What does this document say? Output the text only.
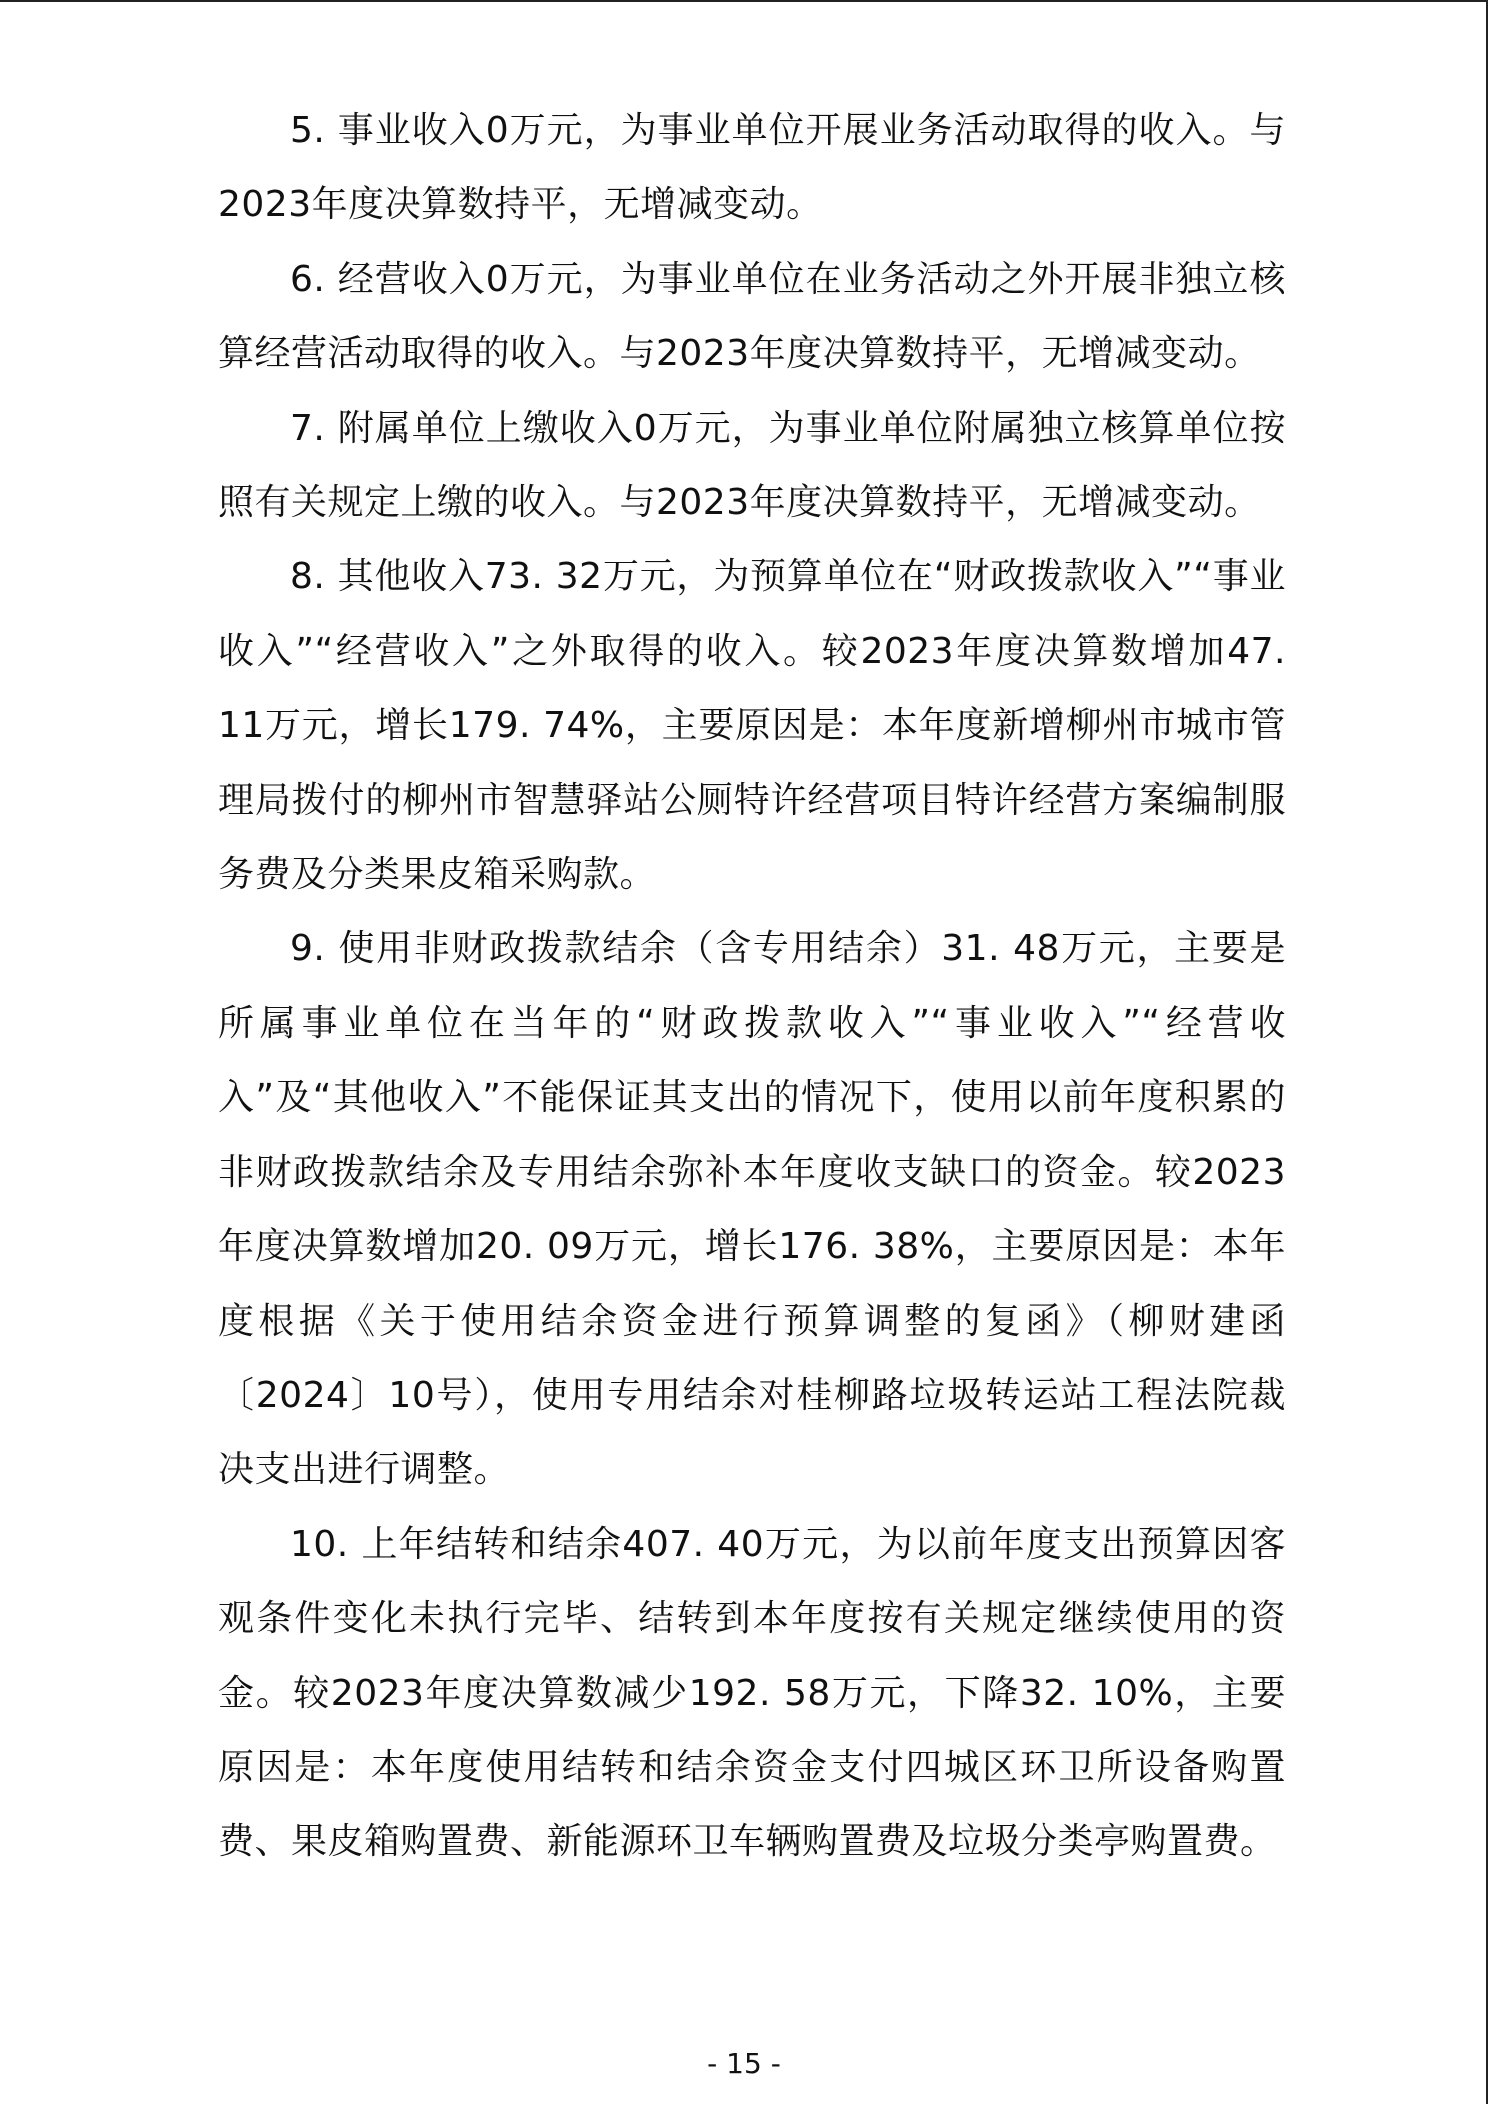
5. 事业收入0万元，为事业单位开展业务活动取得的收入。与2023年度决算数持平，无增减变动。

6. 经营收入0万元，为事业单位在业务活动之外开展非独立核算经营活动取得的收入。与2023年度决算数持平，无增减变动。

7. 附属单位上缴收入0万元，为事业单位附属独立核算单位按照有关规定上缴的收入。与2023年度决算数持平，无增减变动。

8. 其他收入73. 32万元，为预算单位在“财政拨款收入”“事业收入”“经营收入”之外取得的收入。较2023年度决算数增加47. 11万元，增长179. 74%，主要原因是：本年度新增柳州市城市管理局拨付的柳州市智慧驿站公厕特许经营项目特许经营方案编制服务费及分类果皮箱采购款。

9. 使用非财政拨款结余（含专用结余）31. 48万元，主要是所属事业单位在当年的“财政拨款收入”“事业收入”“经营收入”及“其他收入”不能保证其支出的情况下，使用以前年度积累的非财政拨款结余及专用结余弥补本年度收支缺口的资金。较2023年度决算数增加20. 09万元，增长176. 38%，主要原因是：本年度根据《关于使用结余资金进行预算调整的复函》（柳财建函〔2024〕10号），使用专用结余对桂柳路垃圾转运站工程法院裁决支出进行调整。

10. 上年结转和结余407. 40万元，为以前年度支出预算因客观条件变化未执行完毕、结转到本年度按有关规定继续使用的资金。较2023年度决算数减少192. 58万元，下降32. 10%，主要原因是：本年度使用结转和结余资金支付四城区环卫所设备购置费、果皮箱购置费、新能源环卫车辆购置费及垃圾分类亭购置费。

- 15 -
